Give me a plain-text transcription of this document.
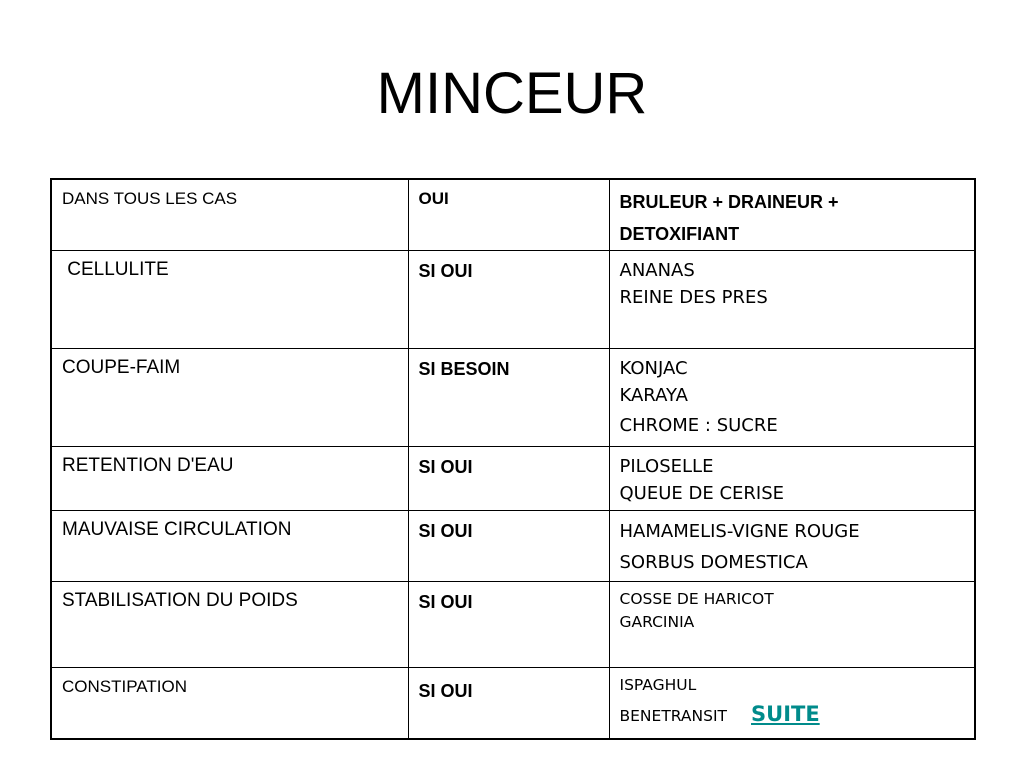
MINCEUR
DANS TOUS LES CAS	OUI	BRULEUR + DRAINEUR +
DETOXIFIANT

CELLULITE	SI OUI	ANANAS
REINE DES PRES

COUPE-FAIM	SI BESOIN	KONJAC
KARAYA
CHROME : SUCRE

RETENTION D'EAU	SI OUI	PILOSELLE
QUEUE DE CERISE

MAUVAISE CIRCULATION	SI OUI	HAMAMELIS-VIGNE ROUGE
SORBUS DOMESTICA

STABILISATION DU POIDS	SI OUI	COSSE DE HARICOT
GARCINIA

CONSTIPATION	SI OUI	ISPAGHUL
BENETRANSIT SUITE
